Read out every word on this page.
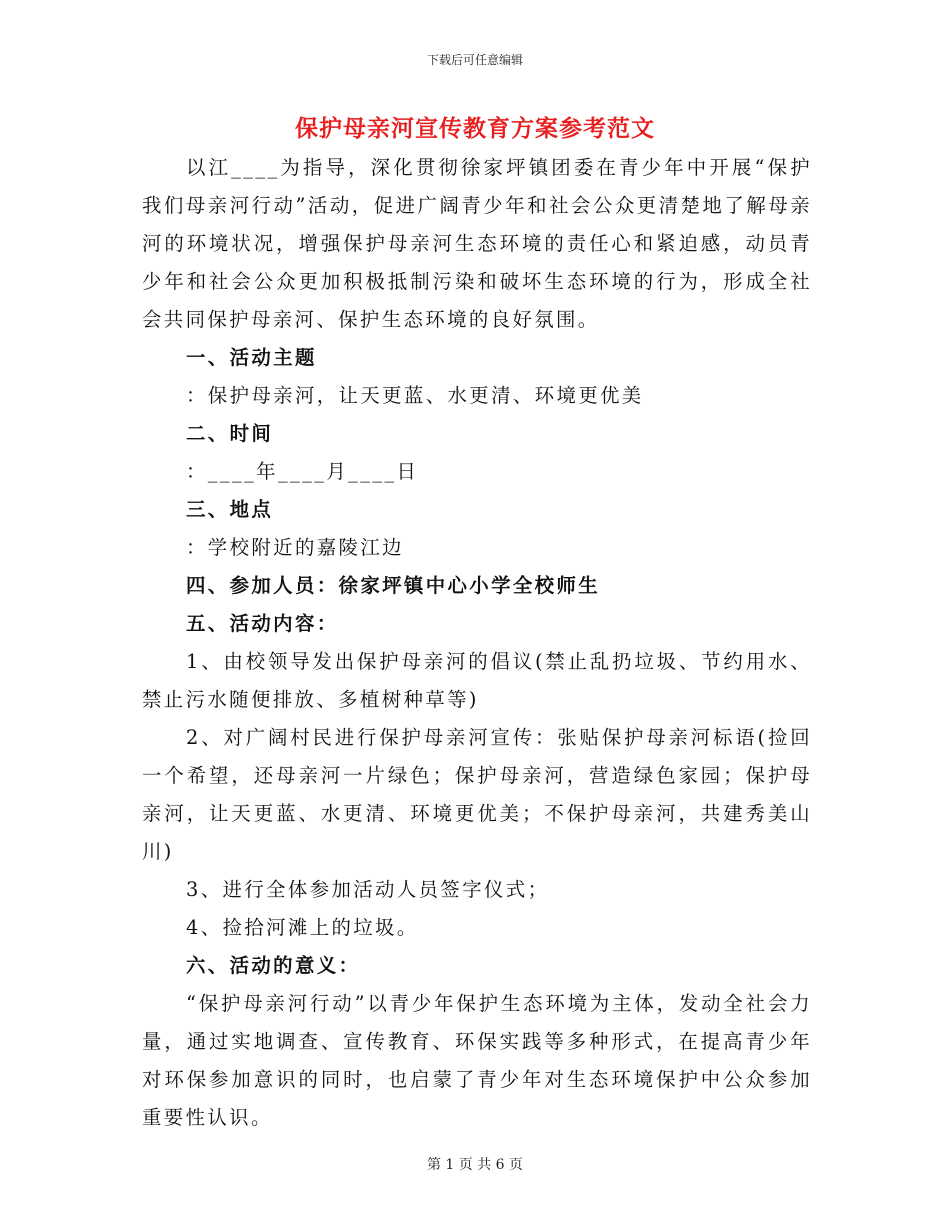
下载后可任意编辑
保护母亲河宣传教育方案参考范文

以江____为指导，深化贯彻徐家坪镇团委在青少年中开展“保护我们母亲河行动”活动，促进广阔青少年和社会公众更清楚地了解母亲河的环境状况，增强保护母亲河生态环境的责任心和紧迫感，动员青少年和社会公众更加积极抵制污染和破坏生态环境的行为，形成全社会共同保护母亲河、保护生态环境的良好氛围。

一、活动主题

：保护母亲河，让天更蓝、水更清、环境更优美

二、时间

：____年____月____日

三、地点

：学校附近的嘉陵江边

四、参加人员：徐家坪镇中心小学全校师生

五、活动内容：

1、由校领导发出保护母亲河的倡议(禁止乱扔垃圾、节约用水、禁止污水随便排放、多植树种草等)

2、对广阔村民进行保护母亲河宣传：张贴保护母亲河标语(捡回一个希望，还母亲河一片绿色；保护母亲河，营造绿色家园；保护母亲河，让天更蓝、水更清、环境更优美；不保护母亲河，共建秀美山川)

3、进行全体参加活动人员签字仪式；

4、捡拾河滩上的垃圾。

六、活动的意义：

“保护母亲河行动”以青少年保护生态环境为主体，发动全社会力量，通过实地调查、宣传教育、环保实践等多种形式，在提高青少年对环保参加意识的同时，也启蒙了青少年对生态环境保护中公众参加重要性认识。

第 1 页 共 6 页
